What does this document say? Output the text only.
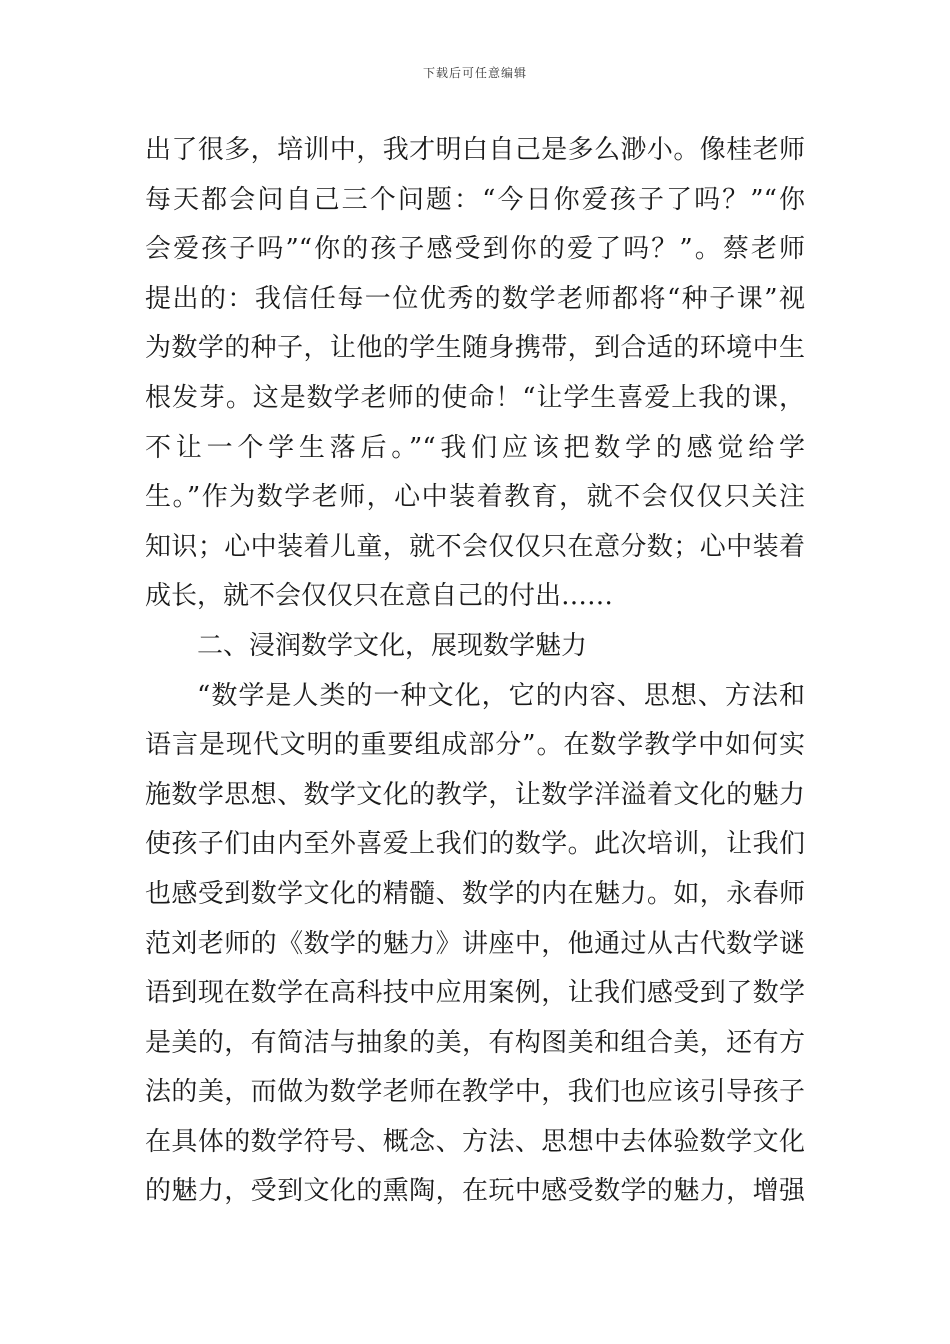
下载后可任意编辑
出了很多，培训中，我才明白自己是多么渺小。像桂老师
每天都会问自己三个问题：“今日你爱孩子了吗？”“你
会爱孩子吗”“你的孩子感受到你的爱了吗？”。蔡老师
提出的：我信任每一位优秀的数学老师都将“种子课”视
为数学的种子，让他的学生随身携带，到合适的环境中生
根发芽。这是数学老师的使命！“让学生喜爱上我的课，
不让一个学生落后。”“我们应该把数学的感觉给学
生。”作为数学老师，心中装着教育，就不会仅仅只关注
知识；心中装着儿童，就不会仅仅只在意分数；心中装着
成长，就不会仅仅只在意自己的付出……
二、浸润数学文化，展现数学魅力
“数学是人类的一种文化，它的内容、思想、方法和
语言是现代文明的重要组成部分”。在数学教学中如何实
施数学思想、数学文化的教学，让数学洋溢着文化的魅力
使孩子们由内至外喜爱上我们的数学。此次培训，让我们
也感受到数学文化的精髓、数学的内在魅力。如，永春师
范刘老师的《数学的魅力》讲座中，他通过从古代数学谜
语到现在数学在高科技中应用案例，让我们感受到了数学
是美的，有简洁与抽象的美，有构图美和组合美，还有方
法的美，而做为数学老师在教学中，我们也应该引导孩子
在具体的数学符号、概念、方法、思想中去体验数学文化
的魅力，受到文化的熏陶，在玩中感受数学的魅力，增强
